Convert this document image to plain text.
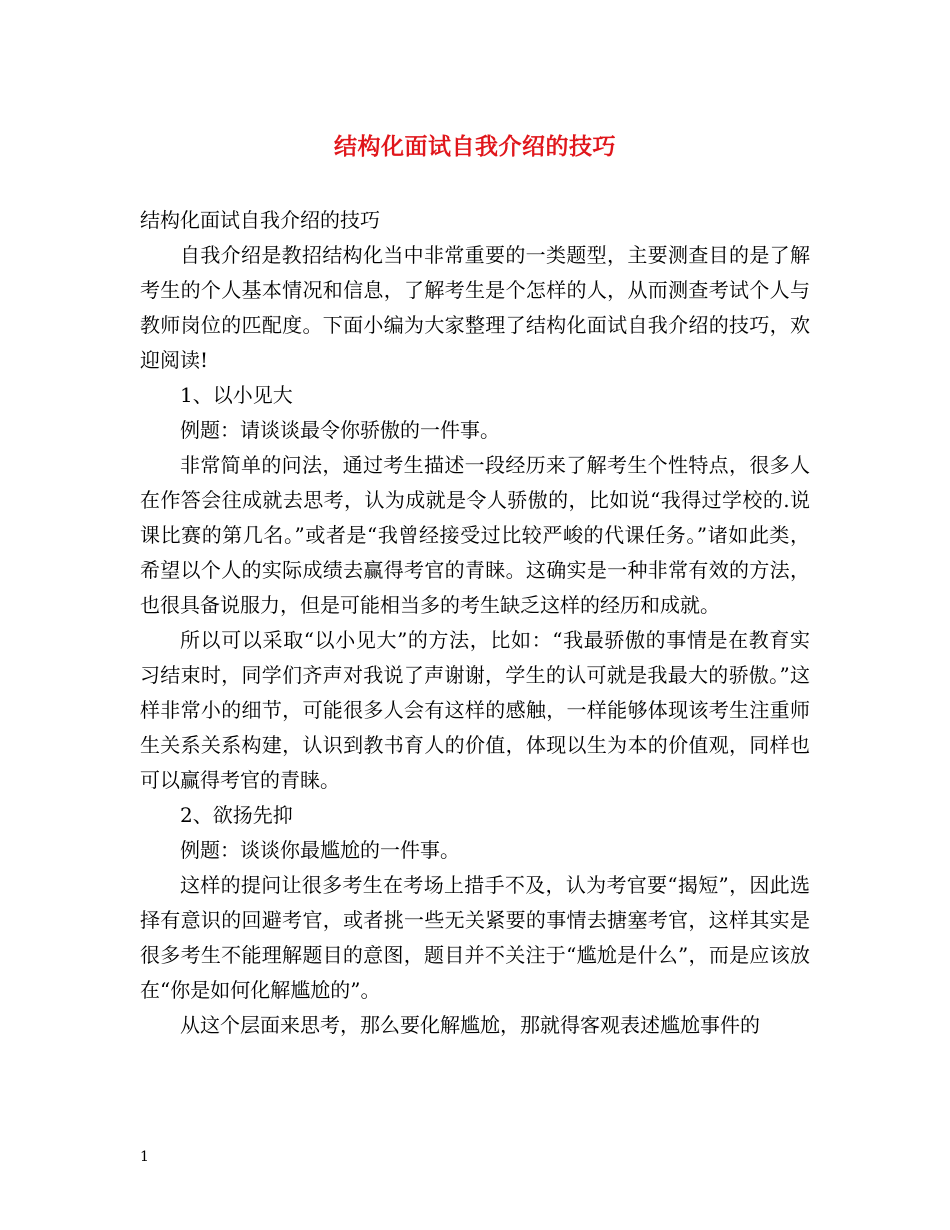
结构化面试自我介绍的技巧

结构化面试自我介绍的技巧

自我介绍是教招结构化当中非常重要的一类题型，主要测查目的是了解考生的个人基本情况和信息，了解考生是个怎样的人，从而测查考试个人与教师岗位的匹配度。下面小编为大家整理了结构化面试自我介绍的技巧，欢迎阅读!

1、以小见大

例题：请谈谈最令你骄傲的一件事。

非常简单的问法，通过考生描述一段经历来了解考生个性特点，很多人在作答会往成就去思考，认为成就是令人骄傲的，比如说“我得过学校的.说课比赛的第几名。”或者是“我曾经接受过比较严峻的代课任务。”诸如此类，希望以个人的实际成绩去赢得考官的青睐。这确实是一种非常有效的方法，也很具备说服力，但是可能相当多的考生缺乏这样的经历和成就。

所以可以采取“以小见大”的方法，比如：“我最骄傲的事情是在教育实习结束时，同学们齐声对我说了声谢谢，学生的认可就是我最大的骄傲。”这样非常小的细节，可能很多人会有这样的感触，一样能够体现该考生注重师生关系关系构建，认识到教书育人的价值，体现以生为本的价值观，同样也可以赢得考官的青睐。

2、欲扬先抑

例题：谈谈你最尴尬的一件事。

这样的提问让很多考生在考场上措手不及，认为考官要“揭短”，因此选择有意识的回避考官，或者挑一些无关紧要的事情去搪塞考官，这样其实是很多考生不能理解题目的意图，题目并不关注于“尴尬是什么”，而是应该放在“你是如何化解尴尬的”。

从这个层面来思考，那么要化解尴尬，那就得客观表述尴尬事件的

1
